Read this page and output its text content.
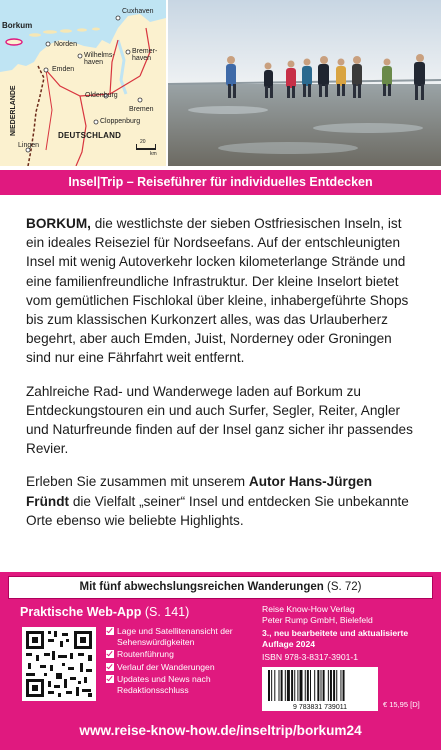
Borkum
Norden
Emden
Wilhelms-
haven
Cuxhaven
Bremer-
haven
Oldenburg
Bremen
Cloppenburg
Lingen
DEUTSCHLAND
NIEDERLANDE
20
km
Insel|Trip – Reiseführer für individuelles Entdecken

BORKUM, die westlichste der sieben Ostfriesischen Inseln, ist ein ideales Reiseziel für Nordseefans. Auf der entschleunigten Insel mit wenig Autoverkehr locken kilometerlange Strände und eine familienfreundliche Infrastruktur. Der kleine Inselort bietet vom gemütlichen Fischlokal über kleine, inhabergeführte Shops bis zum klassischen Kurkonzert alles, was das Urlauberherz begehrt, aber auch Emden, Juist, Norderney oder Groningen sind nur eine Fährfahrt weit entfernt.

Zahlreiche Rad- und Wanderwege laden auf Borkum zu Entdeckungstouren ein und auch Surfer, Segler, Reiter, Angler und Naturfreunde finden auf der Insel ganz sicher ihr passendes Revier.

Erleben Sie zusammen mit unserem Autor Hans-Jürgen Fründt die Vielfalt „seiner“ Insel und entdecken Sie unbekannte Orte ebenso wie beliebte Highlights.

Mit fünf abwechslungsreichen Wanderungen (S. 72)
Praktische Web-App (S. 141)
Lage und Satellitenansicht der Sehenswürdigkeiten
Routenführung
Verlauf der Wanderungen
Updates und News nach Redaktionsschluss
Reise Know-How Verlag
Peter Rump GmbH, Bielefeld
3., neu bearbeitete und aktualisierte Auflage 2024
ISBN 978-3-8317-3901-1
9 783831 739011	€ 15,95 [D]
www.reise-know-how.de/inseltrip/borkum24
